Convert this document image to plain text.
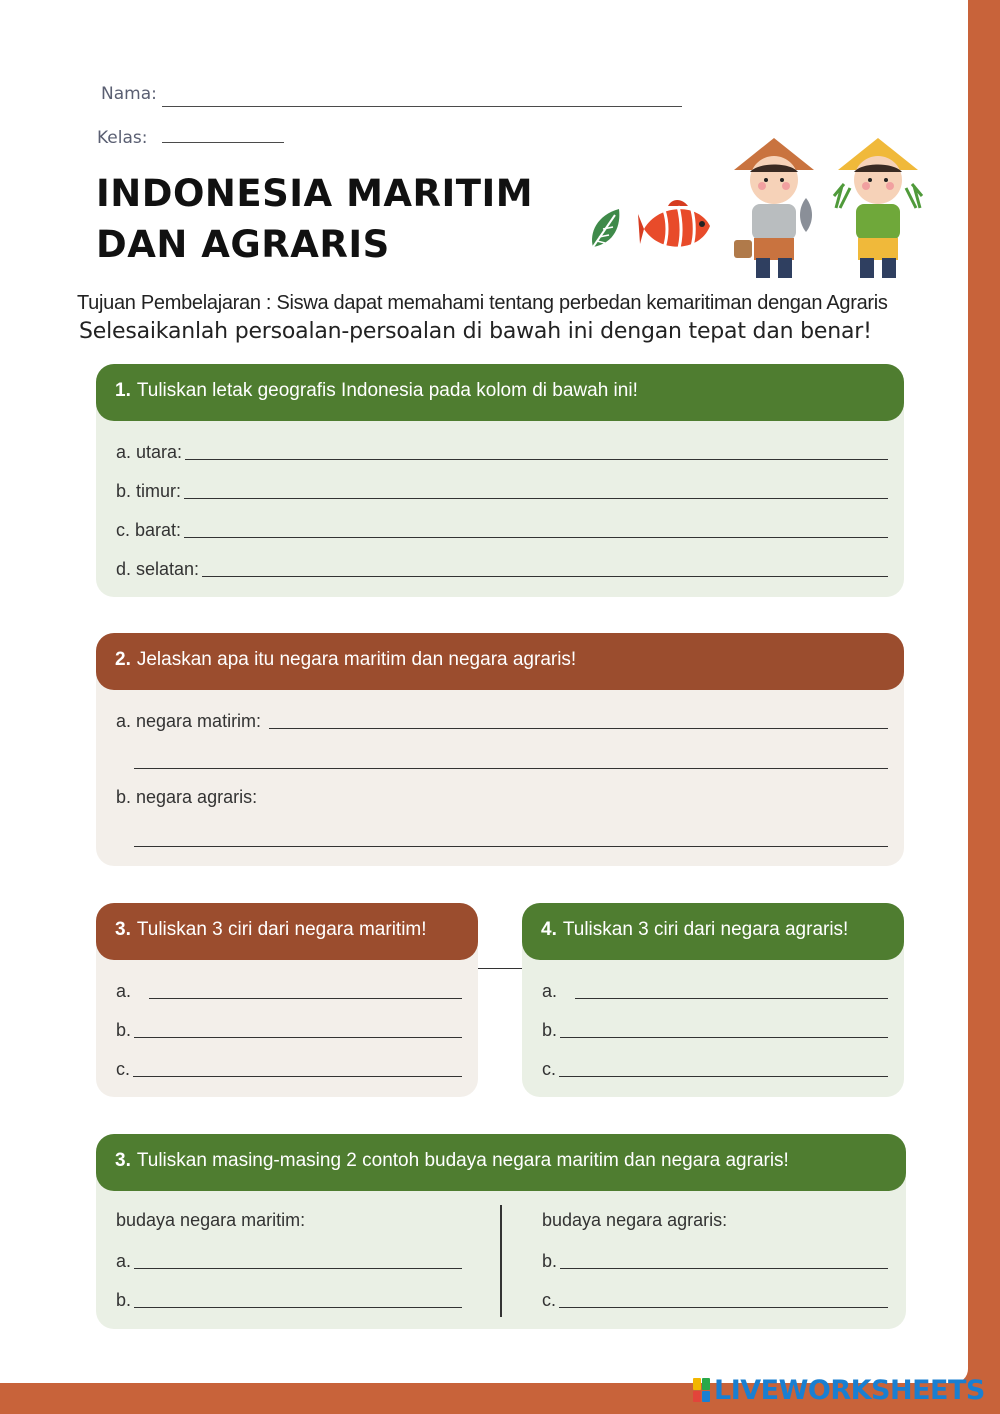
Nama:
Kelas:
INDONESIA MARITIM DAN AGRARIS
Tujuan Pembelajaran : Siswa dapat memahami tentang perbedan kemaritiman dengan Agraris
Selesaikanlah persoalan-persoalan di bawah ini dengan tepat dan benar!
1. Tuliskan letak geografis Indonesia pada kolom di bawah ini!
a. utara:
b. timur:
c. barat:
d. selatan:
2. Jelaskan apa itu negara maritim dan negara agraris!
a. negara matirim:
b. negara agraris:
3. Tuliskan 3 ciri dari negara maritim!
a.
b.
c.
4. Tuliskan 3 ciri dari negara agraris!
a.
b.
c.
3. Tuliskan masing-masing 2 contoh budaya negara maritim dan negara agraris!
budaya negara maritim:
a.
b.
budaya negara agraris:
b.
c.
LIVEWORKSHEETS
